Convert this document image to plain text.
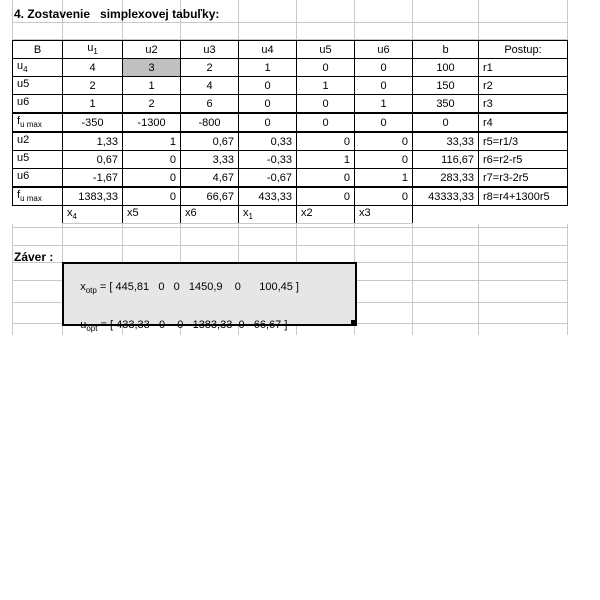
4. Zostavenie   simplexovej tabuľky:
B	$u_1$	u2	u3	u4	u5	u6	b	Postup:
$u_4$	4	3	2	1	0	0	100	r1
u5	2	1	4	0	1	0	150	r2
u6	1	2	6	0	0	1	350	r3
$f_{u max}$	-350	-1300	-800	0	0	0	0	r4
u2	1,33	1	0,67	0,33	0	0	33,33	r5=r1/3
u5	0,67	0	3,33	-0,33	1	0	116,67	r6=r2-r5
u6	-1,67	0	4,67	-0,67	0	1	283,33	r7=r3-2r5
$f_{u max}$	1383,33	0	66,67	433,33	0	0	43333,33	r8=r4+1300r5
	$x_4$	x5	x6	$x_1$	x2	x3		
Záver :

$x_{otp}$ = [ 445,81   0   0   1450,9    0      100,45 ]

$u_{opt}$ = [ 433,33   0    0   1383,33  0   66,67 ]
